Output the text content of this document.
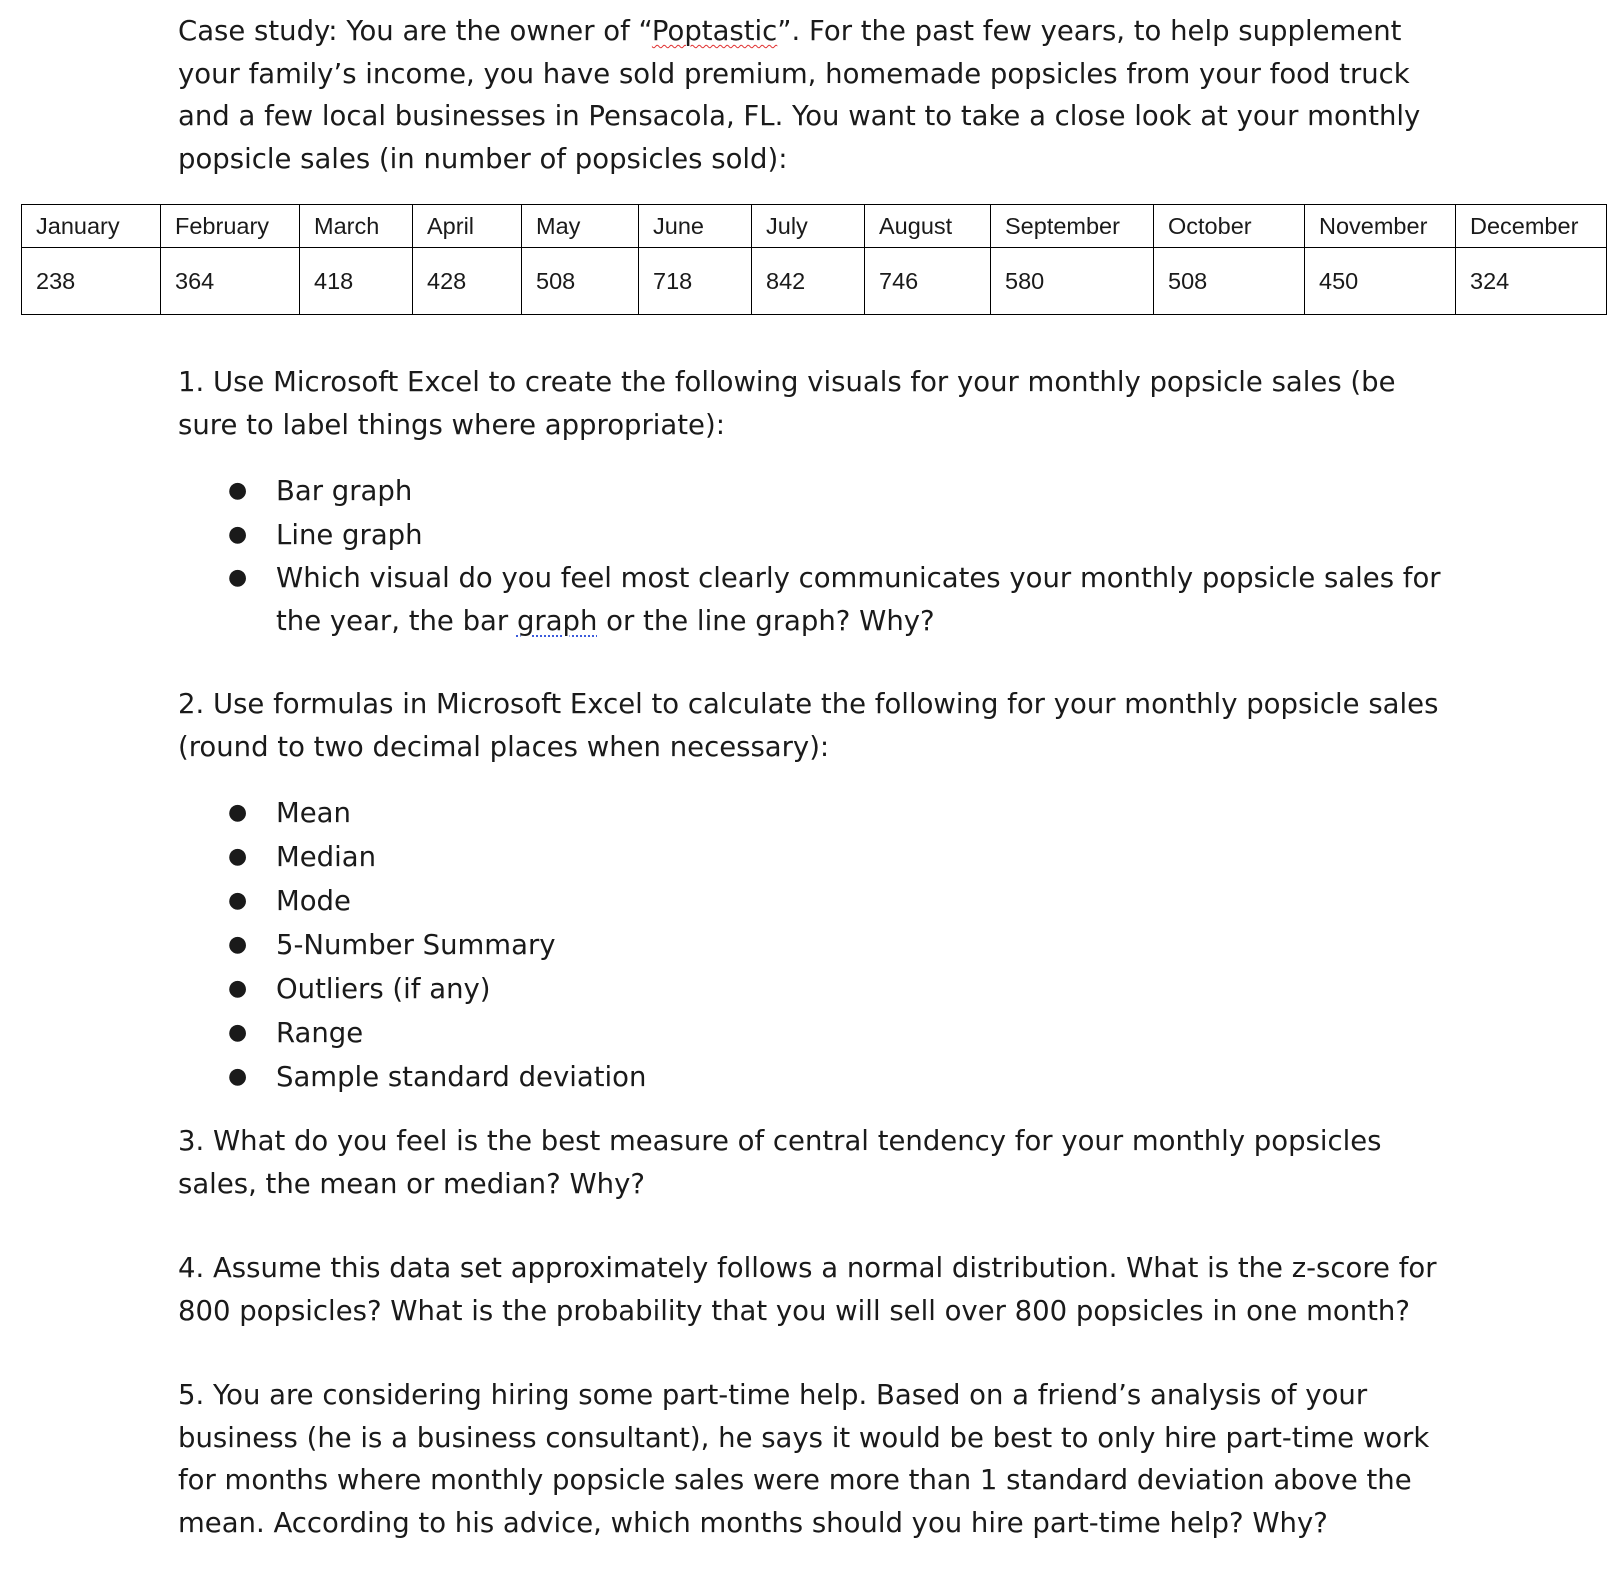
Case study: You are the owner of “Poptastic”. For the past few years, to help supplement your family’s income, you have sold premium, homemade popsicles from your food truck and a few local businesses in Pensacola, FL. You want to take a close look at your monthly popsicle sales (in number of popsicles sold):
January	February	March	April	May	June	July	August	September	October	November	December
238	364	418	428	508	718	842	746	580	508	450	324
1. Use Microsoft Excel to create the following visuals for your monthly popsicle sales (be sure to label things where appropriate):
● Bar graph
● Line graph
● Which visual do you feel most clearly communicates your monthly popsicle sales for the year, the bar graph or the line graph? Why?
2. Use formulas in Microsoft Excel to calculate the following for your monthly popsicle sales (round to two decimal places when necessary):
● Mean
● Median
● Mode
● 5-Number Summary
● Outliers (if any)
● Range
● Sample standard deviation
3. What do you feel is the best measure of central tendency for your monthly popsicles sales, the mean or median? Why?
4. Assume this data set approximately follows a normal distribution. What is the z-score for 800 popsicles? What is the probability that you will sell over 800 popsicles in one month?
5. You are considering hiring some part-time help. Based on a friend’s analysis of your business (he is a business consultant), he says it would be best to only hire part-time work for months where monthly popsicle sales were more than 1 standard deviation above the mean. According to his advice, which months should you hire part-time help? Why?
